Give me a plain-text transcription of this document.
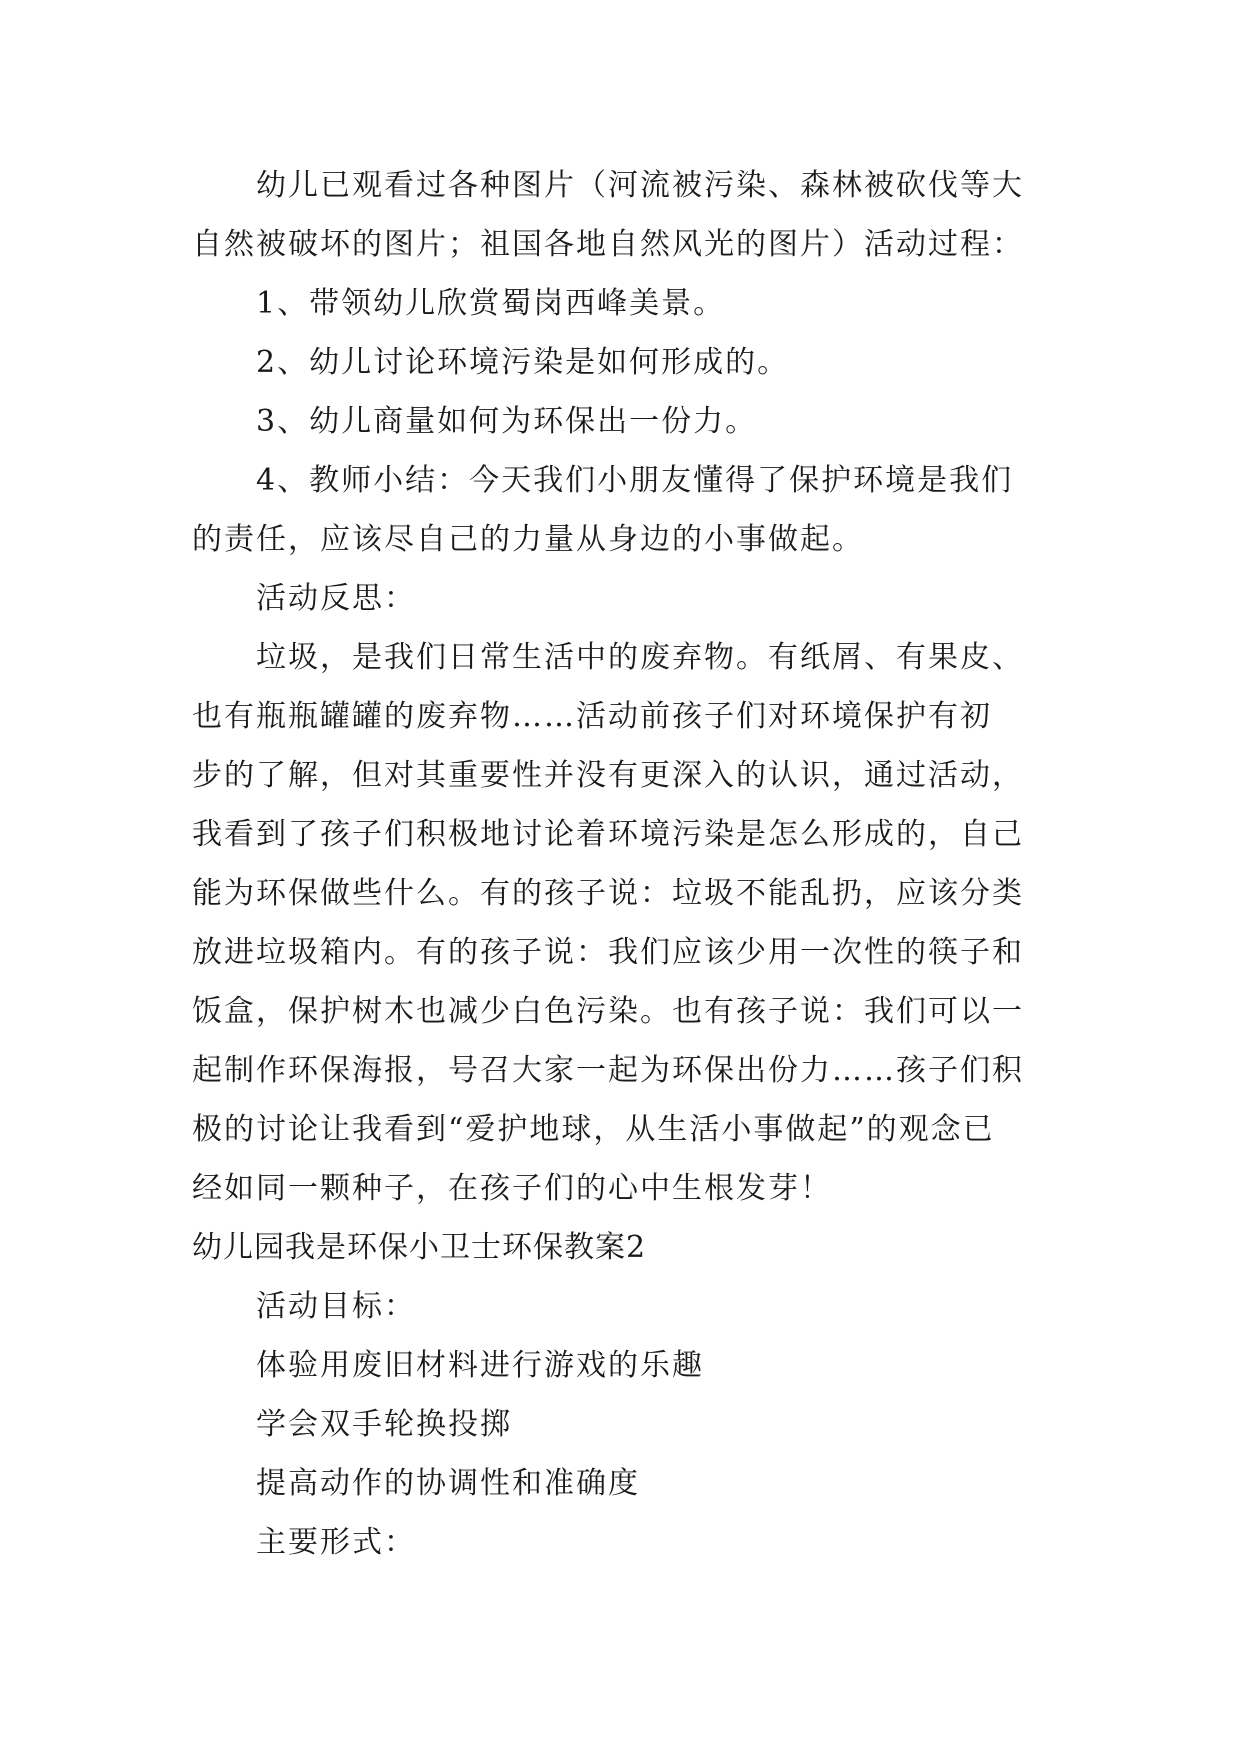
幼儿已观看过各种图片（河流被污染、森林被砍伐等大

自然被破坏的图片；祖国各地自然风光的图片）活动过程：

1、带领幼儿欣赏蜀岗西峰美景。

2、幼儿讨论环境污染是如何形成的。

3、幼儿商量如何为环保出一份力。

4、教师小结：今天我们小朋友懂得了保护环境是我们

的责任，应该尽自己的力量从身边的小事做起。

活动反思：

垃圾，是我们日常生活中的废弃物。有纸屑、有果皮、

也有瓶瓶罐罐的废弃物……活动前孩子们对环境保护有初

步的了解，但对其重要性并没有更深入的认识，通过活动，

我看到了孩子们积极地讨论着环境污染是怎么形成的，自己

能为环保做些什么。有的孩子说：垃圾不能乱扔，应该分类

放进垃圾箱内。有的孩子说：我们应该少用一次性的筷子和

饭盒，保护树木也减少白色污染。也有孩子说：我们可以一

起制作环保海报，号召大家一起为环保出份力……孩子们积

极的讨论让我看到“爱护地球，从生活小事做起”的观念已

经如同一颗种子，在孩子们的心中生根发芽！

幼儿园我是环保小卫士环保教案2

活动目标：

体验用废旧材料进行游戏的乐趣

学会双手轮换投掷

提高动作的协调性和准确度

主要形式：
